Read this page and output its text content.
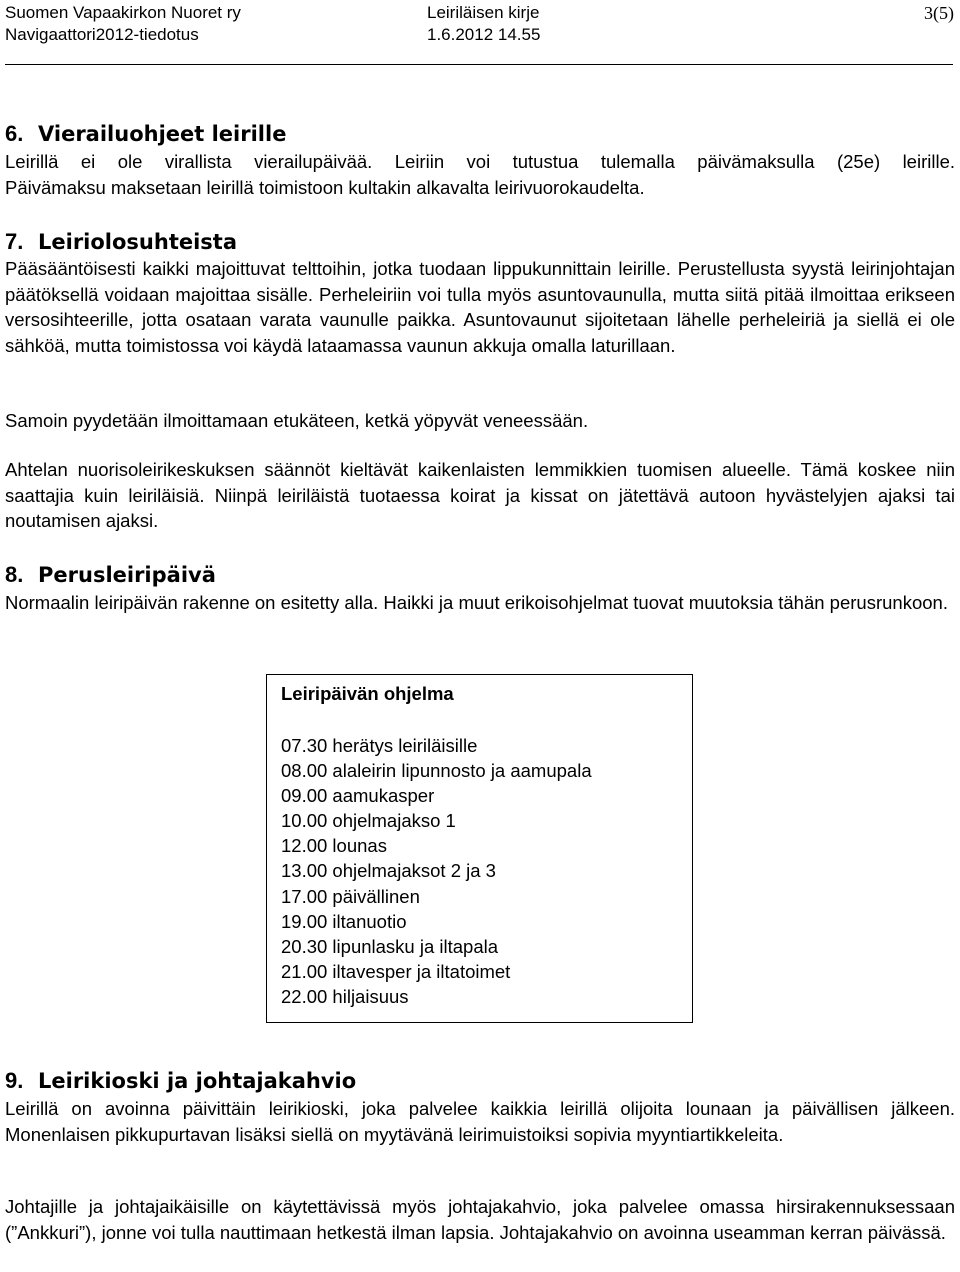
Suomen Vapaakirkon Nuoret ry	Leiriläisen kirje	3(5)
Navigaattori2012-tiedotus	1.6.2012 14.55
6. Vierailuohjeet leirille

Leirillä ei ole virallista vierailupäivää. Leiriin voi tutustua tulemalla päivämaksulla (25e) leirille.

Päivämaksu maksetaan leirillä toimistoon kultakin alkavalta leirivuorokaudelta.

7. Leiriolosuhteista

Pääsääntöisesti kaikki majoittuvat telttoihin, jotka tuodaan lippukunnittain leirille. Perustellusta syystä leirinjohtajan päätöksellä voidaan majoittaa sisälle. Perheleiriin voi tulla myös asuntovaunulla, mutta siitä pitää ilmoittaa erikseen versosihteerille, jotta osataan varata vaunulle paikka. Asuntovaunut sijoitetaan lähelle perheleiriä ja siellä ei ole sähköä, mutta toimistossa voi käydä lataamassa vaunun akkuja omalla laturillaan.

Samoin pyydetään ilmoittamaan etukäteen, ketkä yöpyvät veneessään.

Ahtelan nuorisoleirikeskuksen säännöt kieltävät kaikenlaisten lemmikkien tuomisen alueelle. Tämä koskee niin saattajia kuin leiriläisiä. Niinpä leiriläistä tuotaessa koirat ja kissat on jätettävä autoon hyvästelyjen ajaksi tai noutamisen ajaksi.

8. Perusleiripäivä

Normaalin leiripäivän rakenne on esitetty alla. Haikki ja muut erikoisohjelmat tuovat muutoksia tähän perusrunkoon.

Leiripäivän ohjelma
07.30 herätys leiriläisille
08.00 alaleirin lipunnosto ja aamupala
09.00 aamukasper
10.00 ohjelmajakso 1
12.00 lounas
13.00 ohjelmajaksot 2 ja 3
17.00 päivällinen
19.00 iltanuotio
20.30 lipunlasku ja iltapala
21.00 iltavesper ja iltatoimet
22.00 hiljaisuus
9. Leirikioski ja johtajakahvio

Leirillä on avoinna päivittäin leirikioski, joka palvelee kaikkia leirillä olijoita lounaan ja päivällisen jälkeen. Monenlaisen pikkupurtavan lisäksi siellä on myytävänä leirimuistoiksi sopivia myyntiartikkeleita.

Johtajille ja johtajaikäisille on käytettävissä myös johtajakahvio, joka palvelee omassa hirsirakennuksessaan (”Ankkuri”), jonne voi tulla nauttimaan hetkestä ilman lapsia. Johtajakahvio on avoinna useamman kerran päivässä.
